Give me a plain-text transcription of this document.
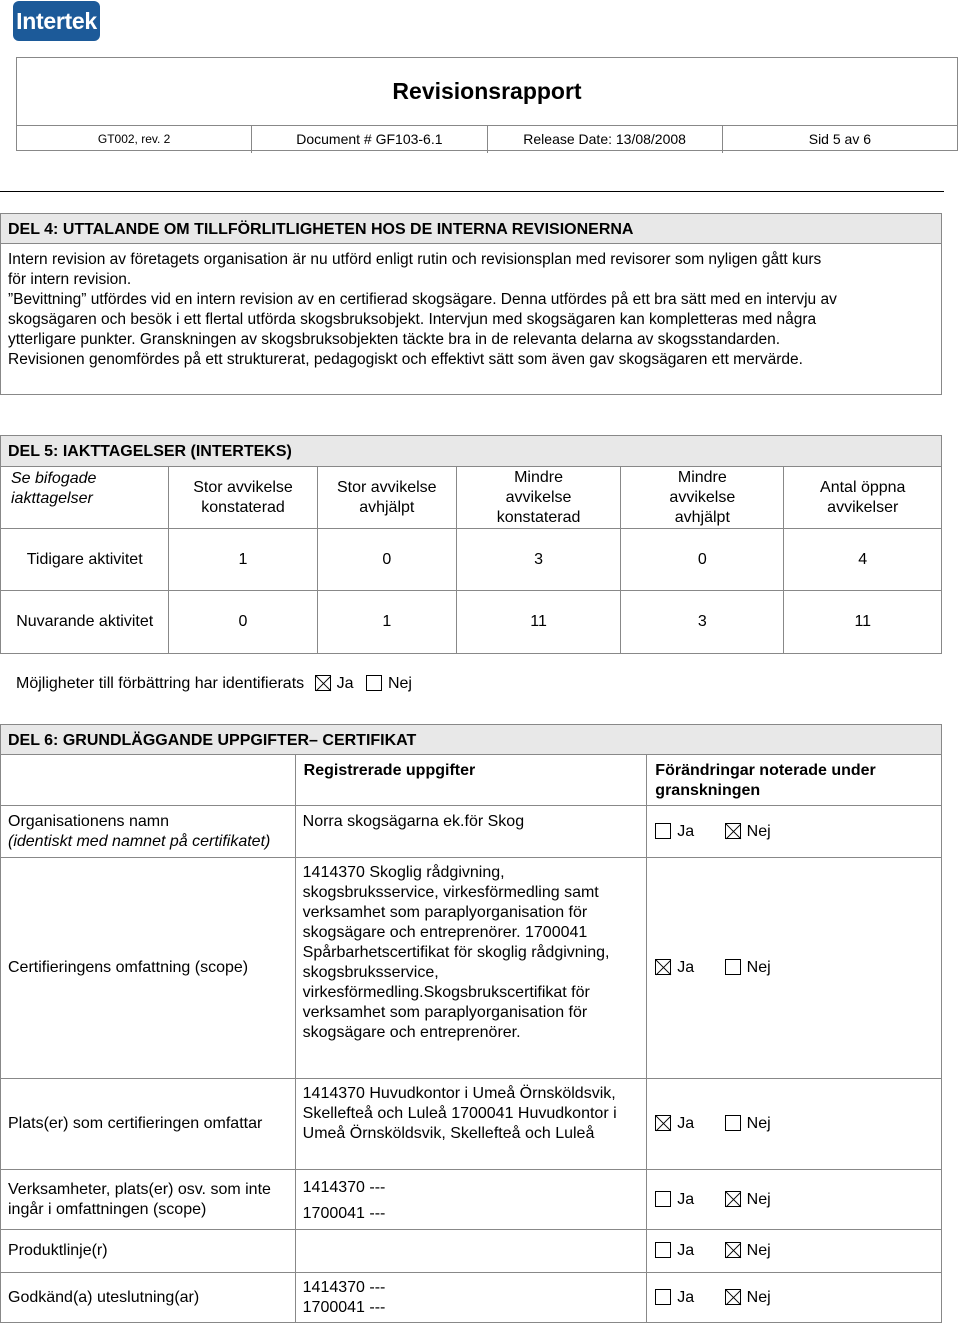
Intertek
Revisionsrapport
GT002, rev. 2	Document # GF103-6.1	Release Date: 13/08/2008	Sid 5 av 6
DEL 4: UTTALANDE OM TILLFÖRLITLIGHETEN HOS DE INTERNA REVISIONERNA
Intern revision av företagets organisation är nu utförd enligt rutin och revisionsplan med revisorer som nyligen gått kurs
för intern revision.
”Bevittning” utfördes vid en intern revision av en certifierad skogsägare. Denna utfördes på ett bra sätt med en intervju av
skogsägaren och besök i ett flertal utförda skogsbruksobjekt. Intervjun med skogsägaren kan kompletteras med några
ytterligare punkter. Granskningen av skogsbruksobjekten täckte bra in de relevanta delarna av skogsstandarden.
Revisionen genomfördes på ett strukturerat, pedagogiskt och effektivt sätt som även gav skogsägaren ett mervärde.
DEL 5: IAKTTAGELSER (INTERTEKS)
Se bifogade iakttagelser	Stor avvikelse konstaterad	Stor avvikelse avhjälpt	Mindre avvikelse konstaterad	Mindre avvikelse avhjälpt	Antal öppna avvikelser
Tidigare aktivitet	1	0	3	0	4
Nuvarande aktivitet	0	1	11	3	11
Möjligheter till förbättring har identifierats Ja Nej
DEL 6: GRUNDLÄGGANDE UPPGIFTER– CERTIFIKAT
	Registrerade uppgifter	Förändringar noterade under granskningen

Organisationens namn
(identiskt med namnet på certifikatet)	Norra skogsägarna ek.för Skog	Ja Nej
Certifieringens omfattning (scope)	1414370 Skoglig rådgivning, skogsbruksservice, virkesförmedling samt verksamhet som paraplyorganisation för skogsägare och entreprenörer. 1700041 Spårbarhetscertifikat för skoglig rådgivning, skogsbruksservice, virkesförmedling.Skogsbrukscertifikat för verksamhet som paraplyorganisation för skogsägare och entreprenörer.	Ja Nej
Plats(er) som certifieringen omfattar	1414370 Huvudkontor i Umeå Örnsköldsvik, Skellefteå och Luleå 1700041 Huvudkontor i Umeå Örnsköldsvik, Skellefteå och Luleå	Ja Nej
Verksamheter, plats(er) osv. som inte ingår i omfattningen (scope)	1414370 ---
1700041 ---	Ja Nej
Produktlinje(r)		Ja Nej
Godkänd(a) uteslutning(ar)	1414370 ---
1700041 ---	Ja Nej
